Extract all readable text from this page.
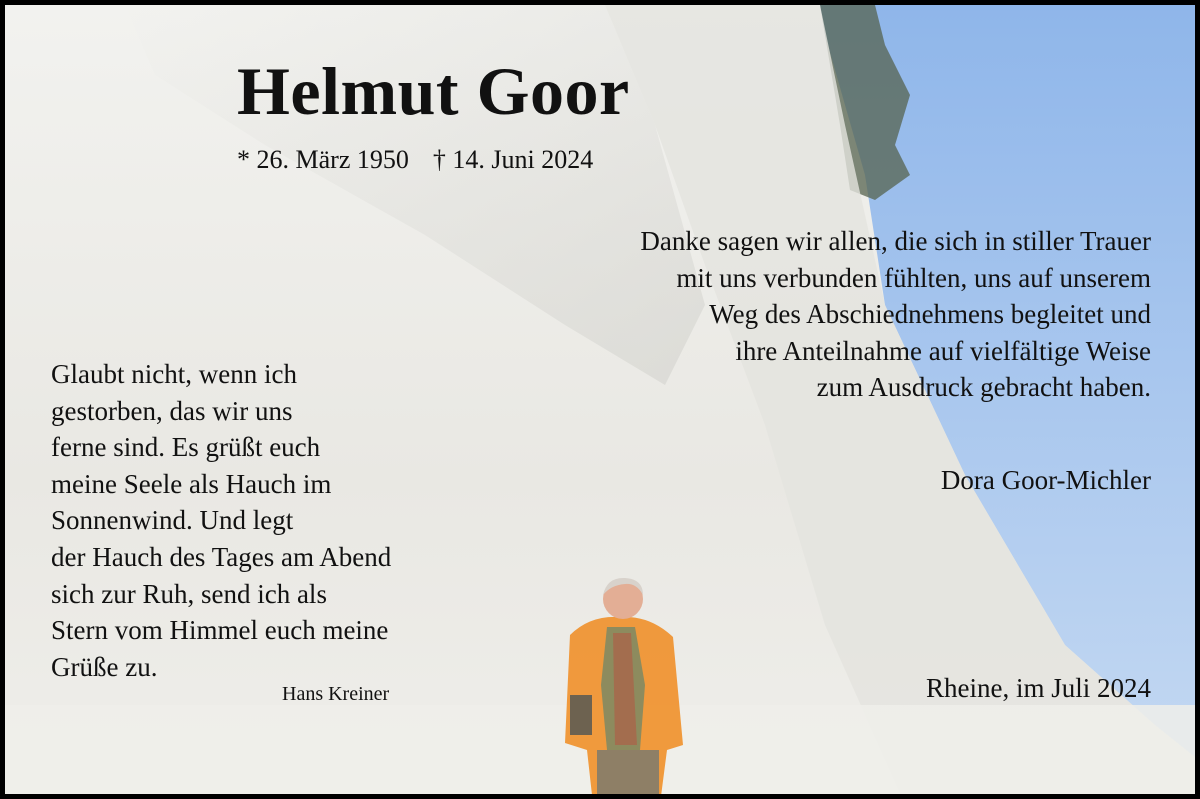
Helmut Goor
* 26. März 1950 † 14. Juni 2024
Danke sagen wir allen, die sich in stiller Trauer
mit uns verbunden fühlten, uns auf unserem
Weg des Abschiednehmens begleitet und
ihre Anteilnahme auf vielfältige Weise
zum Ausdruck gebracht haben.
Dora Goor-Michler
Glaubt nicht, wenn ich
gestorben, das wir uns
ferne sind. Es grüßt euch
meine Seele als Hauch im
Sonnenwind. Und legt
der Hauch des Tages am Abend
sich zur Ruh, send ich als
Stern vom Himmel euch meine
Grüße zu.
Hans Kreiner	Rheine, im Juli 2024
